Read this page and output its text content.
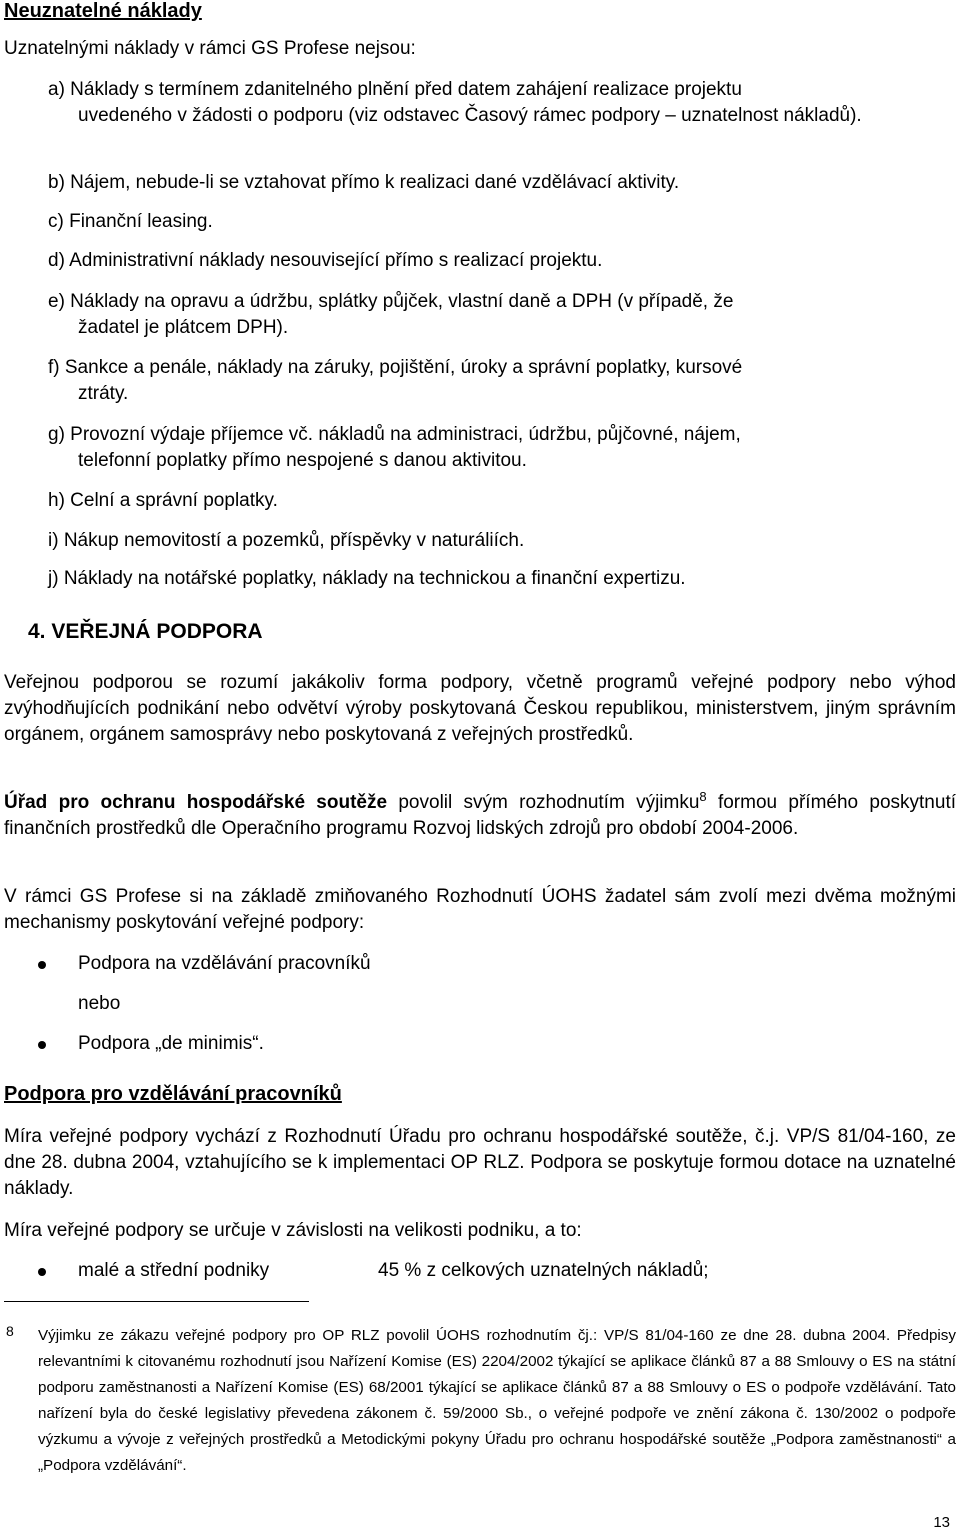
Neuznatelné náklady

Uznatelnými náklady v rámci GS Profese nejsou:

a) Náklady s termínem zdanitelného plnění před datem zahájení realizace projektu
uvedeného v žádosti o podporu (viz odstavec Časový rámec podpory – uznatelnost nákladů).

b) Nájem, nebude-li se vztahovat přímo k realizaci dané vzdělávací aktivity.

c) Finanční leasing.

d) Administrativní náklady nesouvisející přímo s realizací projektu.

e) Náklady na opravu a údržbu, splátky půjček, vlastní daně a DPH (v případě, že
žadatel je plátcem DPH).

f) Sankce a penále, náklady na záruky, pojištění, úroky a správní poplatky, kursové
ztráty.

g) Provozní výdaje příjemce vč. nákladů na administraci, údržbu, půjčovné, nájem,
telefonní poplatky přímo nespojené s danou aktivitou.

h) Celní a správní poplatky.

i) Nákup nemovitostí a pozemků, příspěvky v naturáliích.

j) Náklady na notářské poplatky, náklady na technickou a finanční expertizu.

4. VEŘEJNÁ PODPORA

Veřejnou podporou se rozumí jakákoliv forma podpory, včetně programů veřejné podpory nebo výhod zvýhodňujících podnikání nebo odvětví výroby poskytovaná Českou republikou, ministerstvem, jiným správním orgánem, orgánem samosprávy nebo poskytovaná z veřejných prostředků.

Úřad pro ochranu hospodářské soutěže povolil svým rozhodnutím výjimku$^8$ formou přímého poskytnutí finančních prostředků dle Operačního programu Rozvoj lidských zdrojů pro období 2004-2006.

V rámci GS Profese si na základě zmiňovaného Rozhodnutí ÚOHS žadatel sám zvolí mezi dvěma možnými mechanismy poskytování veřejné podpory:

Podpora na vzdělávání pracovníků

nebo

Podpora „de minimis“.

Podpora pro vzdělávání pracovníků

Míra veřejné podpory vychází z Rozhodnutí Úřadu pro ochranu hospodářské soutěže, č.j. VP/S 81/04-160, ze dne 28. dubna 2004, vztahujícího se k implementaci OP RLZ. Podpora se poskytuje formou dotace na uznatelné náklady.

Míra veřejné podpory se určuje v závislosti na velikosti podniku, a to:

malé a střední podniky	45 % z celkových uznatelných nákladů;

8 Výjimku ze zákazu veřejné podpory pro OP RLZ povolil ÚOHS rozhodnutím čj.: VP/S 81/04-160 ze dne 28. dubna 2004. Předpisy relevantními k citovanému rozhodnutí jsou Nařízení Komise (ES) 2204/2002 týkající se aplikace článků 87 a 88 Smlouvy o ES na státní podporu zaměstnanosti a Nařízení Komise (ES) 68/2001 týkající se aplikace článků 87 a 88 Smlouvy o ES o podpoře vzdělávání. Tato nařízení byla do české legislativy převedena zákonem č. 59/2000 Sb., o veřejné podpoře ve znění zákona č. 130/2002 o podpoře výzkumu a vývoje z veřejných prostředků a Metodickými pokyny Úřadu pro ochranu hospodářské soutěže „Podpora zaměstnanosti“ a „Podpora vzdělávání“.

13
